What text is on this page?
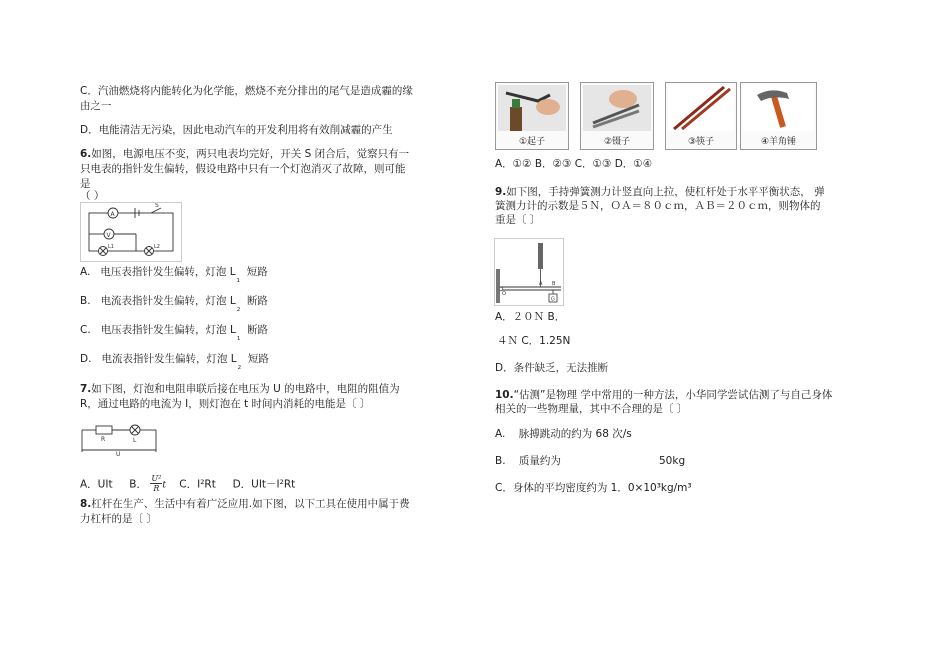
C．汽油燃烧将内能转化为化学能，燃烧不充分排出的尾气是造成霾的缘
由之一
D．电能清洁无污染，因此电动汽车的开发利用将有效削减霾的产生
6.如图，电源电压不变，两只电表均完好，开关 S 闭合后，觉察只有一
只电表的指针发生偏转，假设电路中只有一个灯泡消灭了故障，则可能
是
（ ）
A
V
S
L1	L2
A. 电压表指针发生偏转，灯泡 $L_1$  短路
B. 电流表指针发生偏转，灯泡 $L_2$  断路
C. 电压表指针发生偏转，灯泡 $L_1$  断路
D. 电流表指针发生偏转，灯泡 $L_2$  短路
7.如下图，灯泡和电阻串联后接在电压为 U 的电路中，电阻的阻值为
R，通过电路的电流为 I，则灯泡在 t 时间内消耗的电能是〔 〕
R	L
U
A．UIt B． $\frac{\text{U²}}{R}$ t C．I²Rt D．UIt－I²Rt
8.杠杆在生产、生活中有着广泛应用.如下图，以下工具在使用中属于费
力杠杆的是〔 〕
①起子	②镊子	③筷子	④羊角锤
A．①② B．②③ C．①③ D．①④
9.如下图，手持弹簧测力计竖直向上拉，使杠杆处于水平平衡状态， 弹
簧测力计的示数是５Ｎ，ＯＡ＝８０ｃｍ，ＡＢ＝２０ｃｍ，则物体的
重是〔 〕
O
A B
G
A．２０Ｎ B．
４Ｎ C．1.25N
D．条件缺乏，无法推断
10.“估测”是物理 学中常用的一种方法，小华同学尝试估测了与自己身体
相关的一些物理量，其中不合理的是〔 〕
A. 脉搏跳动的约为 68 次/s
B. 质量约为	50kg
C．身体的平均密度约为 1．0×10³kg/m³
